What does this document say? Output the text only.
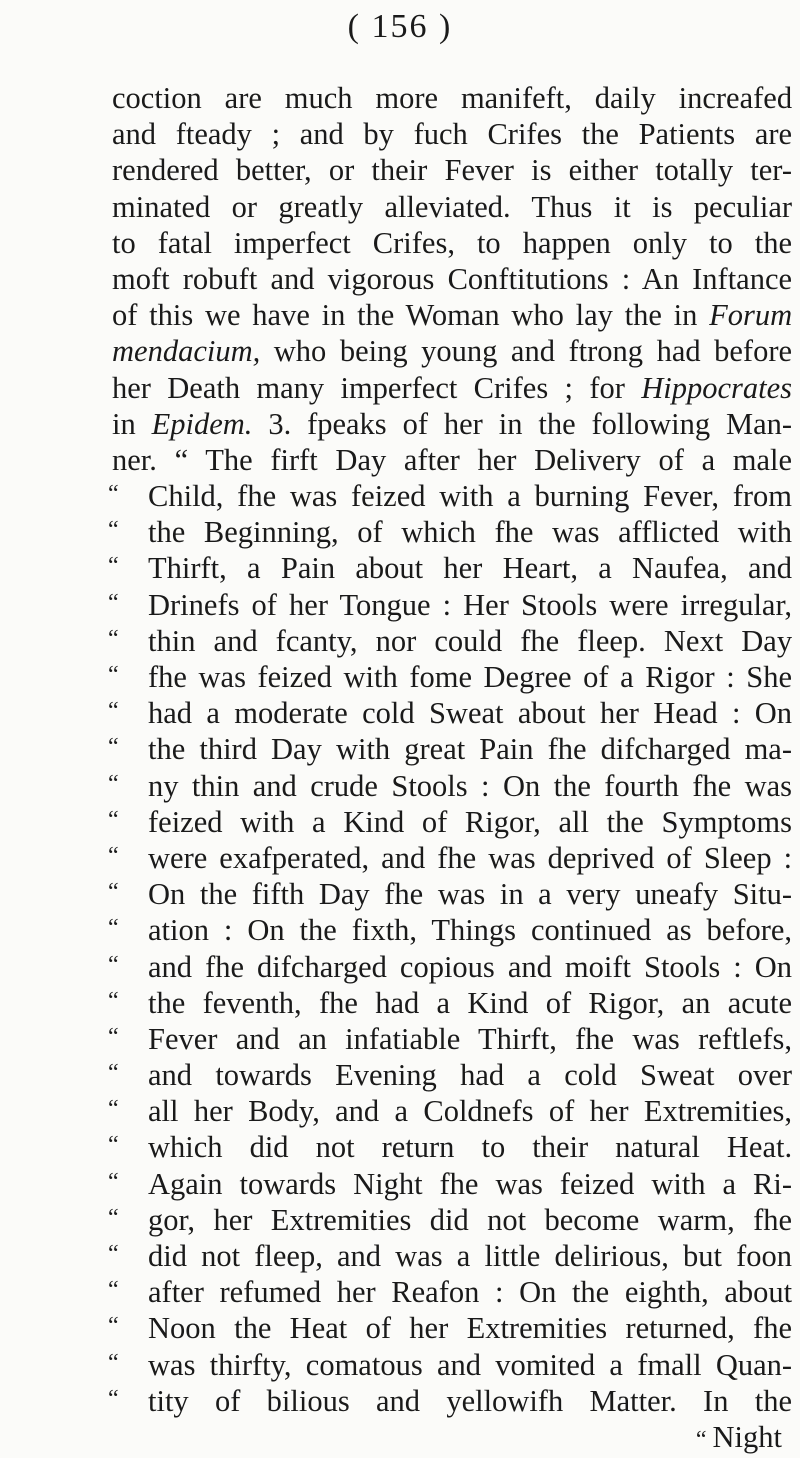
( 156 )
coction are much more manifeft, daily increafed
and fteady ; and by fuch Crifes the Patients are
rendered better, or their Fever is either totally ter-
minated or greatly alleviated. Thus it is peculiar
to fatal imperfect Crifes, to happen only to the
moft robuft and vigorous Conftitutions : An Inftance
of this we have in the Woman who lay the in Forum
mendacium, who being young and ftrong had before
her Death many imperfect Crifes ; for Hippocrates
in Epidem. 3. fpeaks of her in the following Man-
ner. “ The firft Day after her Delivery of a male
“ Child, fhe was feized with a burning Fever, from
“ the Beginning, of which fhe was afflicted with
“ Thirft, a Pain about her Heart, a Naufea, and
“ Drinefs of her Tongue : Her Stools were irregular,
“ thin and fcanty, nor could fhe fleep. Next Day
“ fhe was feized with fome Degree of a Rigor : She
“ had a moderate cold Sweat about her Head : On
“ the third Day with great Pain fhe difcharged ma-
“ ny thin and crude Stools : On the fourth fhe was
“ feized with a Kind of Rigor, all the Symptoms
“ were exafperated, and fhe was deprived of Sleep :
“ On the fifth Day fhe was in a very uneafy Situ-
“ ation : On the fixth, Things continued as before,
“ and fhe difcharged copious and moift Stools : On
“ the feventh, fhe had a Kind of Rigor, an acute
“ Fever and an infatiable Thirft, fhe was reftlefs,
“ and towards Evening had a cold Sweat over
“ all her Body, and a Coldnefs of her Extremities,
“ which did not return to their natural Heat.
“ Again towards Night fhe was feized with a Ri-
“ gor, her Extremities did not become warm, fhe
“ did not fleep, and was a little delirious, but foon
“ after refumed her Reafon : On the eighth, about
“ Noon the Heat of her Extremities returned, fhe
“ was thirfty, comatous and vomited a fmall Quan-
“ tity of bilious and yellowifh Matter. In the
“ Night
